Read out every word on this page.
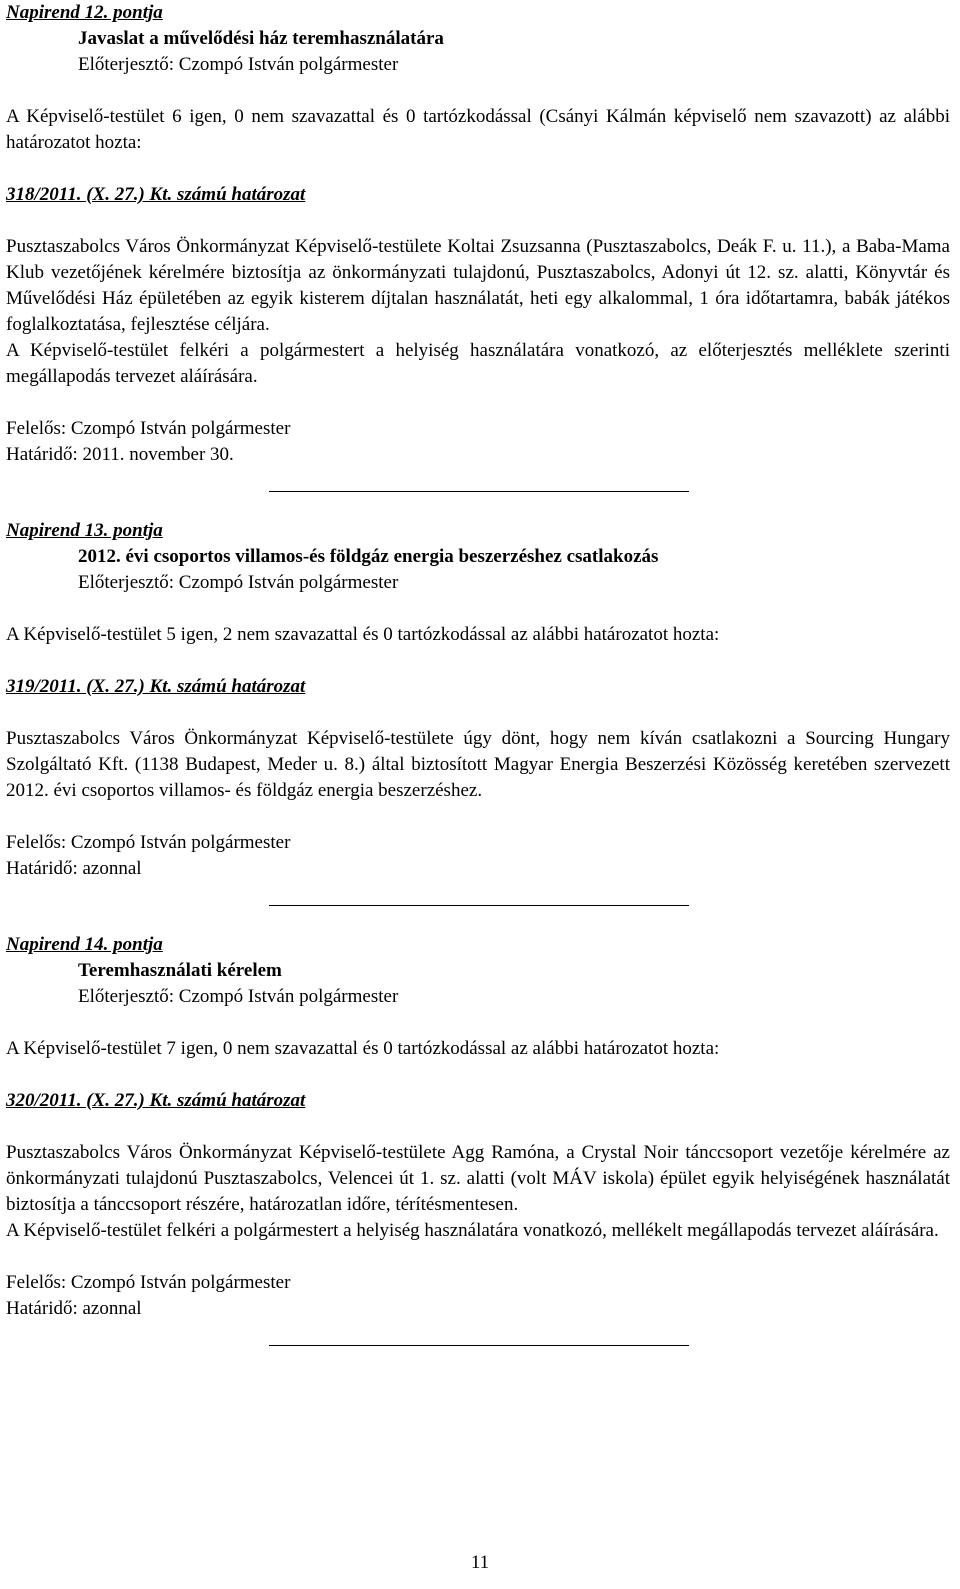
Napirend 12. pontja

Javaslat a művelődési ház teremhasználatára

Előterjesztő: Czompó István polgármester

A Képviselő-testület 6 igen, 0 nem szavazattal és 0 tartózkodással (Csányi Kálmán képviselő nem szavazott) az alábbi határozatot hozta:

318/2011. (X. 27.) Kt. számú határozat

Pusztaszabolcs Város Önkormányzat Képviselő-testülete Koltai Zsuzsanna (Pusztaszabolcs, Deák F. u. 11.), a Baba-Mama Klub vezetőjének kérelmére biztosítja az önkormányzati tulajdonú, Pusztaszabolcs, Adonyi út 12. sz. alatti, Könyvtár és Művelődési Ház épületében az egyik kisterem díjtalan használatát, heti egy alkalommal, 1 óra időtartamra, babák játékos foglalkoztatása, fejlesztése céljára.

A Képviselő-testület felkéri a polgármestert a helyiség használatára vonatkozó, az előterjesztés melléklete szerinti megállapodás tervezet aláírására.

Felelős: Czompó István polgármester

Határidő: 2011. november 30.

Napirend 13. pontja

2012. évi csoportos villamos-és földgáz energia beszerzéshez csatlakozás

Előterjesztő: Czompó István polgármester

A Képviselő-testület 5 igen, 2 nem szavazattal és 0 tartózkodással az alábbi határozatot hozta:

319/2011. (X. 27.) Kt. számú határozat

Pusztaszabolcs Város Önkormányzat Képviselő-testülete úgy dönt, hogy nem kíván csatlakozni a Sourcing Hungary Szolgáltató Kft. (1138 Budapest, Meder u. 8.) által biztosított Magyar Energia Beszerzési Közösség keretében szervezett 2012. évi csoportos villamos- és földgáz energia beszerzéshez.

Felelős: Czompó István polgármester

Határidő: azonnal

Napirend 14. pontja

Teremhasználati kérelem

Előterjesztő: Czompó István polgármester

A Képviselő-testület 7 igen, 0 nem szavazattal és 0 tartózkodással az alábbi határozatot hozta:

320/2011. (X. 27.) Kt. számú határozat

Pusztaszabolcs Város Önkormányzat Képviselő-testülete Agg Ramóna, a Crystal Noir tánccsoport vezetője kérelmére az önkormányzati tulajdonú Pusztaszabolcs, Velencei út 1. sz. alatti (volt MÁV iskola) épület egyik helyiségének használatát biztosítja a tánccsoport részére, határozatlan időre, térítésmentesen.

A Képviselő-testület felkéri a polgármestert a helyiség használatára vonatkozó, mellékelt megállapodás tervezet aláírására.

Felelős: Czompó István polgármester

Határidő: azonnal

11
